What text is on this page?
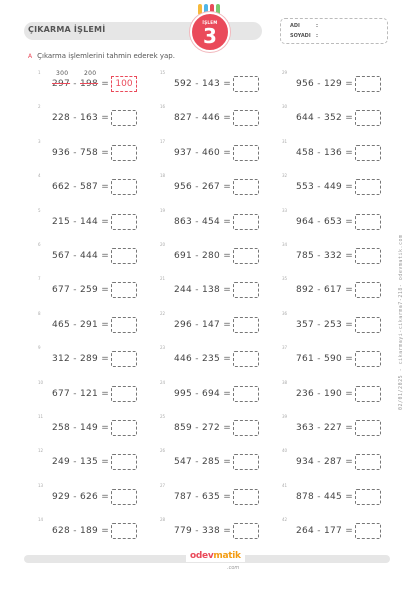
ÇIKARMA İŞLEMİ
İŞLEM
3	ADI	:
SOYADI :
A Çıkarma işlemlerini tahmin ederek yap.
1	300
297 -
200
198 = 100
2
228 - 163 =
3
936 - 758 =
4
662 - 587 =
5
215 - 144 =
6
567 - 444 =
7
677 - 259 =
8
465 - 291 =
9
312 - 289 =
10
677 - 121 =
11
258 - 149 =
12
249 - 135 =
13
929 - 626 =
14
628 - 189 =
15
592 - 143 =
16
827 - 446 =
17
937 - 460 =
18
956 - 267 =
19
863 - 454 =
20
691 - 280 =
21
244 - 138 =
22
296 - 147 =
23
446 - 235 =
24
995 - 694 =
25
859 - 272 =
26
547 - 285 =
27
787 - 635 =
28
779 - 338 =
29
956 - 129 =
30
644 - 352 =
31
458 - 136 =
32
553 - 449 =
33
964 - 653 =
34
785 - 332 =
35
892 - 617 =
36
357 - 253 =
37
761 - 590 =
38
236 - 190 =
39
363 - 227 =
40
934 - 287 =
41
878 - 445 =
42
264 - 177 =
02/01/2025 - cikarmayi-cikarma7-218- odevmatik.com
odevmatik
.com
